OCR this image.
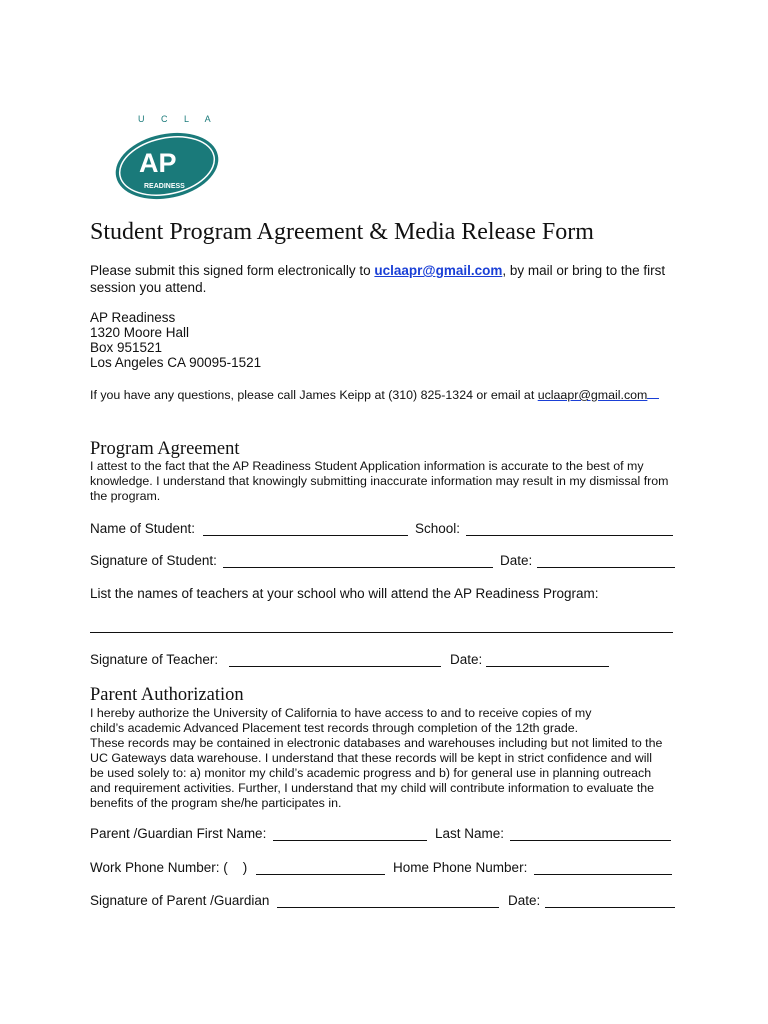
U C L A
AP
READINESS
Student Program Agreement & Media Release Form
Please submit this signed form electronically to uclaapr@gmail.com, by mail or bring to the first
session you attend.
AP Readiness
1320 Moore Hall
Box 951521
Los Angeles CA 90095-1521
If you have any questions, please call James Keipp at (310) 825-1324 or email at uclaapr@gmail.com
Program Agreement
I attest to the fact that the AP Readiness Student Application information is accurate to the best of my
knowledge. I understand that knowingly submitting inaccurate information may result in my dismissal from
the program.
Name of Student:	School:
Signature of Student:	Date:
List the names of teachers at your school who will attend the AP Readiness Program:
Signature of Teacher:	Date:
Parent Authorization
I hereby authorize the University of California to have access to and to receive copies of my
child’s academic Advanced Placement test records through completion of the 12th grade.
These records may be contained in electronic databases and warehouses including but not limited to the
UC Gateways data warehouse. I understand that these records will be kept in strict confidence and will
be used solely to: a) monitor my child’s academic progress and b) for general use in planning outreach
and requirement activities. Further, I understand that my child will contribute information to evaluate the
benefits of the program she/he participates in.
Parent /Guardian First Name:	Last Name:
Work Phone Number: (    )	Home Phone Number:
Signature of Parent /Guardian	Date:
